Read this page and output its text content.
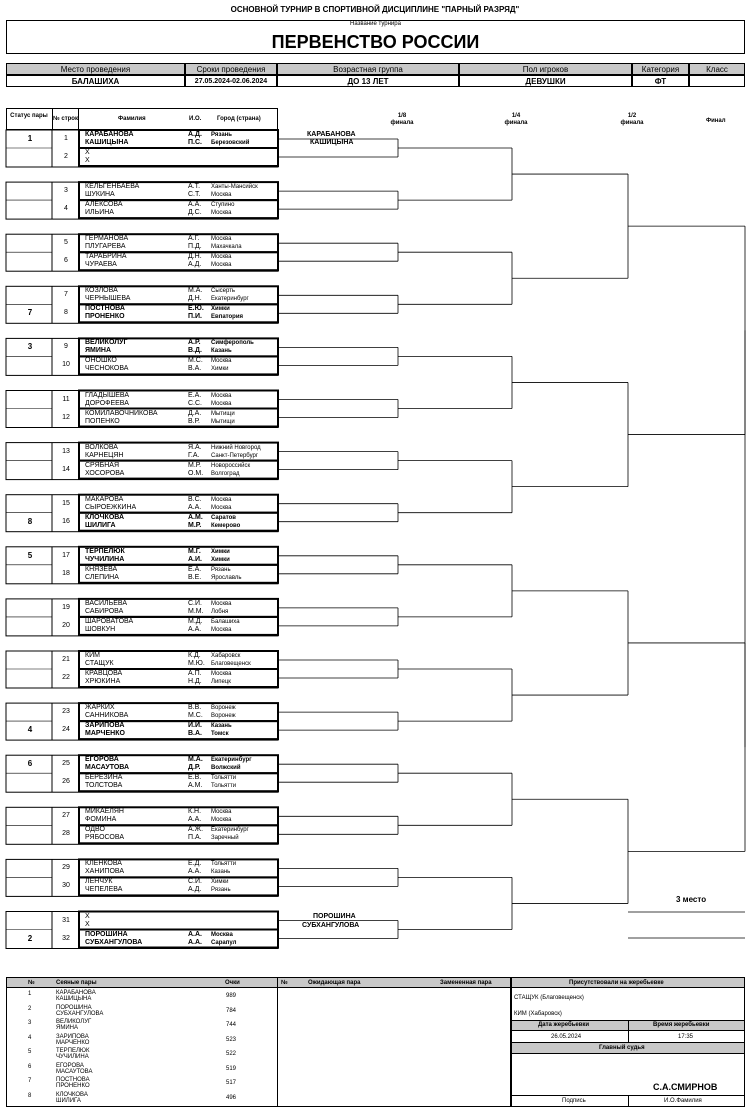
ОСНОВНОЙ ТУРНИР В СПОРТИВНОЙ ДИСЦИПЛИНЕ "ПАРНЫЙ РАЗРЯД"
Название турнира
ПЕРВЕНСТВО РОССИИ
Место проведения	Сроки проведения	Возрастная группа	Пол игроков	Категория	Класс
БАЛАШИХА	27.05.2024-02.06.2024	ДО 13 ЛЕТ	ДЕВУШКИ	ФТ
Статус пары № строк	Фамилия	И.О.	Город (страна)	1/8 финала
1/4 финала
1/2 финала	Финал
1	1
КАРАБАНОВА	А.Д. Рязань
КАШИЦЫНА	П.С. Березовский
2
Х
Х
3
КЕЛЬГЕНБАЕВА	А.Т. Ханты-Мансийск
ШУКИНА	С.Т. Москва
4
АЛЕКСОВА	А.А. Ступино
ИЛЬИНА	Д.С. Москва
5
ГЕРМАНОВА	А.Г. Москва
ПЛУГАРЕВА	П.Д. Махачкала
6
ТАРАБРИНА	Д.Н. Москва
ЧУРАЕВА	А.Д. Москва
7
КОЗЛОВА	М.А. Сысерть
ЧЕРНЫШЕВА	Д.Н. Екатеринбург
7	8
ПОСТНОВА	Е.Ю. Химки
ПРОНЕНКО	П.И. Евпатория
3	9
ВЕЛИКОЛУГ	А.Р. Симферополь
ЯМИНА	В.Д. Казань
10
ОНОШКО	М.С. Москва
ЧЕСНОКОВА	В.А. Химки
11
ГЛАДЫШЕВА	Е.А. Москва
ДОРОФЕЕВА	С.С. Москва
12
КОМИЛАВОЧНИКОВА	Д.А. Мытищи
ПОПЕНКО	В.Р. Мытищи
13
ВОЛКОВА	Я.А. Нижний Новгород
КАРНЕЦЯН	Г.А. Санкт-Петербург
14
СРЯБНАЯ	М.Р. Новороссийск
ХОСОРОВА	О.М. Волгоград
15
МАКАРОВА	В.С. Москва
СЫРОЕЖКИНА	А.А. Москва
8	16
КЛОЧКОВА	А.М. Саратов
ШИЛИГА	М.Р. Кемерово
5	17
ТЕРПЕЛЮК	М.Г. Химки
ЧУЧИЛИНА	А.И. Химки
18
КНЯЗЕВА	Е.А. Рязань
СЛЕПИНА	В.Е. Ярославль
19
ВАСИЛЬЕВА	С.И. Москва
САБИРОВА	М.М. Лобня
20
ШАРОВАТОВА	М.Д. Балашиха
ШОВКУН	А.А. Москва
21
КИМ	К.Д. Хабаровск
СТАЩУК	М.Ю. Благовещенск
22
КРАВЦОВА	А.П. Москва
ХРЮКИНА	Н.Д. Липецк
23
ЖАРКИХ	В.В. Воронеж
САННИКОВА	М.С. Воронеж
4	24
ЗАРИПОВА	И.И. Казань
МАРЧЕНКО	В.А. Томск
6	25
ЕГОРОВА	М.А. Екатеринбург
МАСАУТОВА	Д.Р. Волжский
26
БЕРЕЗИНА	Е.В. Тольятти
ТОЛСТОВА	А.М. Тольятти
27
МИКАЕЛЯН	К.Н. Москва
ФОМИНА	А.А. Москва
28
ОДВО	А.Ж. Екатеринбург
РЯБОСОВА	П.А. Заречный
29
КЛЕНКОВА	Е.Д. Тольятти
ХАНИПОВА	А.А. Казань
30
ЛЕНЧУК	С.И. Химки
ЧЕПЕЛЕВА	А.Д. Рязань
31
Х
Х
2	32
ПОРОШИНА	А.А. Москва
СУБХАНГУЛОВА	А.А. Сарапул
КАРАБАНОВА
КАШИЦЫНА
ПОРОШИНА
СУБХАНГУЛОВА
3 место
№	Сеяные пары	Очки	№	Ожидающая пара	Замененная пара
1	КАРАБАНОВА
КАШИЦЫНА	989
2	ПОРОШИНА
СУБХАНГУЛОВА	784
3	ВЕЛИКОЛУГ
ЯМИНА	744
4	ЗАРИПОВА
МАРЧЕНКО	523
5	ТЕРПЕЛЮК
ЧУЧИЛИНА	522
6	ЕГОРОВА
МАСАУТОВА	519
7	ПОСТНОВА
ПРОНЕНКО	517
8	КЛОЧКОВА
ШИЛИГА	496
Присутствовали на жеребьевке
СТАЩУК (Благовещенск)
КИМ (Хабаровск)
Дата жеребьевки	Время жеребьевки
26.05.2024	17:35
Главный судья
С.А.СМИРНОВ
Подпись	И.О.Фамилия
